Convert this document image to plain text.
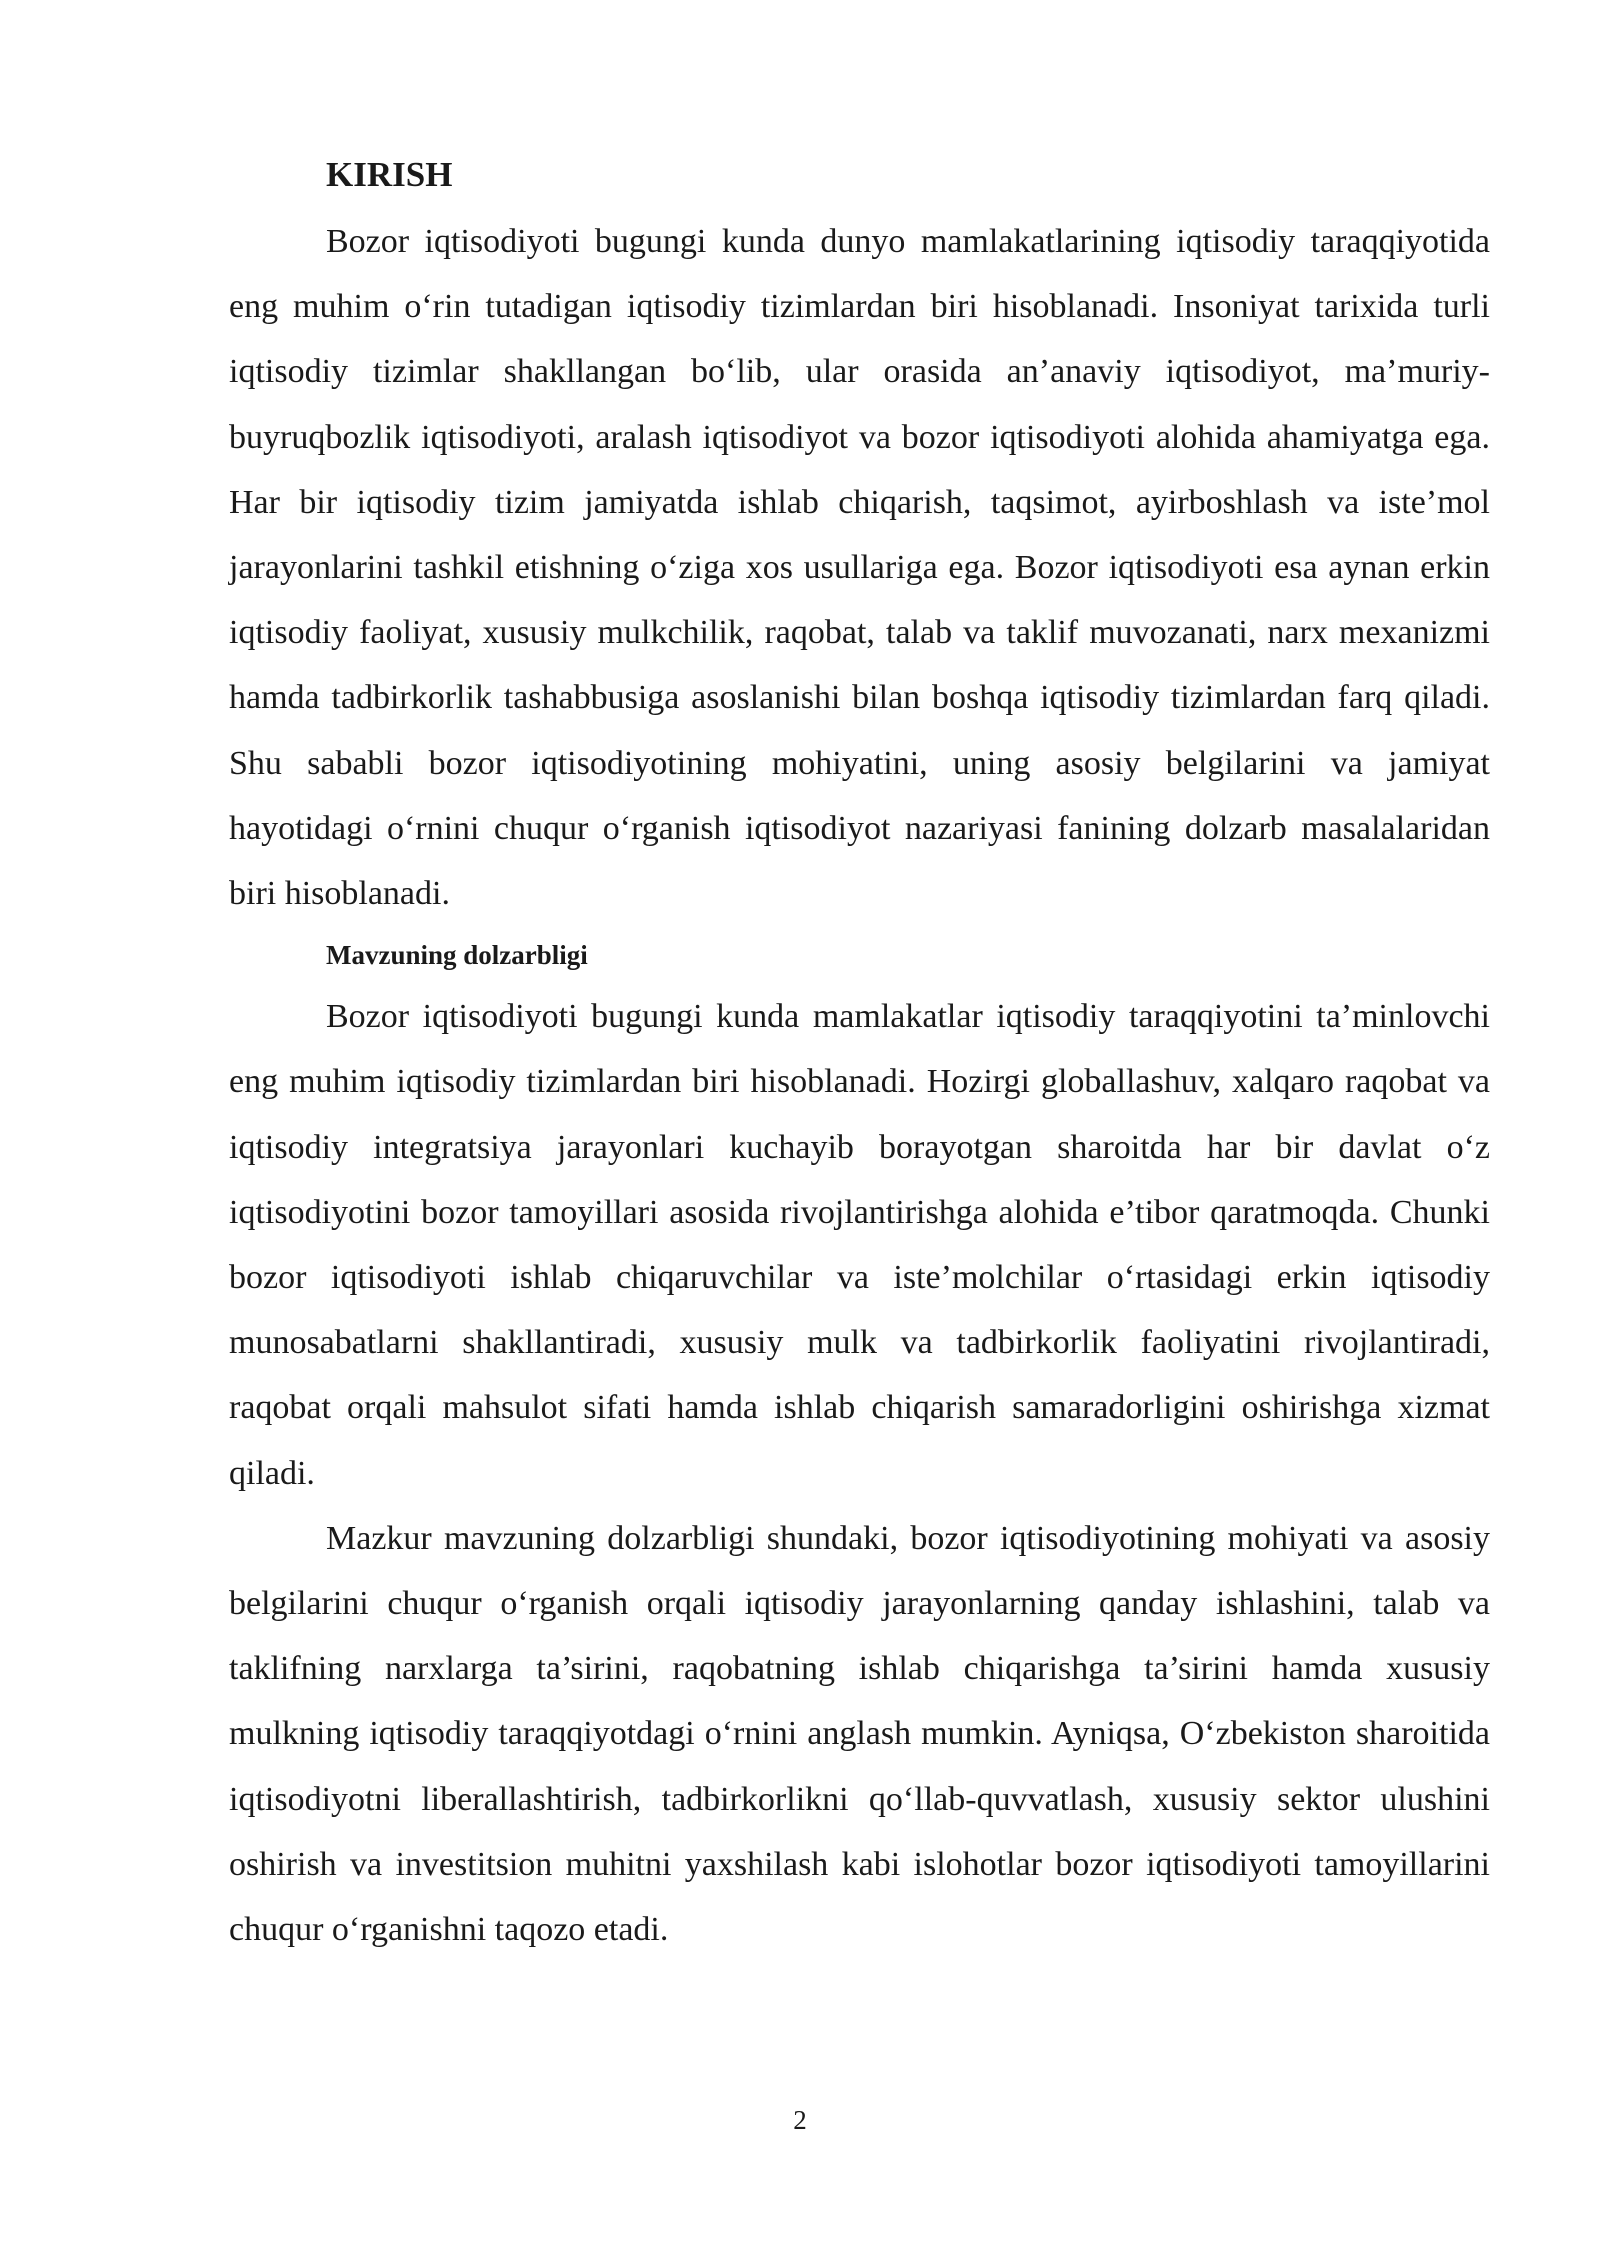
KIRISH

Bozor iqtisodiyoti bugungi kunda dunyo mamlakatlarining iqtisodiy taraqqiyotida eng muhim o‘rin tutadigan iqtisodiy tizimlardan biri hisoblanadi. Insoniyat tarixida turli iqtisodiy tizimlar shakllangan bo‘lib, ular orasida an’anaviy iqtisodiyot, ma’muriy-buyruqbozlik iqtisodiyoti, aralash iqtisodiyot va bozor iqtisodiyoti alohida ahamiyatga ega. Har bir iqtisodiy tizim jamiyatda ishlab chiqarish, taqsimot, ayirboshlash va iste’mol jarayonlarini tashkil etishning o‘ziga xos usullariga ega. Bozor iqtisodiyoti esa aynan erkin iqtisodiy faoliyat, xususiy mulkchilik, raqobat, talab va taklif muvozanati, narx mexanizmi hamda tadbirkorlik tashabbusiga asoslanishi bilan boshqa iqtisodiy tizimlardan farq qiladi. Shu sababli bozor iqtisodiyotining mohiyatini, uning asosiy belgilarini va jamiyat hayotidagi o‘rnini chuqur o‘rganish iqtisodiyot nazariyasi fanining dolzarb masalalaridan biri hisoblanadi.

Mavzuning dolzarbligi

Bozor iqtisodiyoti bugungi kunda mamlakatlar iqtisodiy taraqqiyotini ta’minlovchi eng muhim iqtisodiy tizimlardan biri hisoblanadi. Hozirgi globallashuv, xalqaro raqobat va iqtisodiy integratsiya jarayonlari kuchayib borayotgan sharoitda har bir davlat o‘z iqtisodiyotini bozor tamoyillari asosida rivojlantirishga alohida e’tibor qaratmoqda. Chunki bozor iqtisodiyoti ishlab chiqaruvchilar va iste’molchilar o‘rtasidagi erkin iqtisodiy munosabatlarni shakllantiradi, xususiy mulk va tadbirkorlik faoliyatini rivojlantiradi, raqobat orqali mahsulot sifati hamda ishlab chiqarish samaradorligini oshirishga xizmat qiladi.

Mazkur mavzuning dolzarbligi shundaki, bozor iqtisodiyotining mohiyati va asosiy belgilarini chuqur o‘rganish orqali iqtisodiy jarayonlarning qanday ishlashini, talab va taklifning narxlarga ta’sirini, raqobatning ishlab chiqarishga ta’sirini hamda xususiy mulkning iqtisodiy taraqqiyotdagi o‘rnini anglash mumkin. Ayniqsa, O‘zbekiston sharoitida iqtisodiyotni liberallashtirish, tadbirkorlikni qo‘llab-quvvatlash, xususiy sektor ulushini oshirish va investitsion muhitni yaxshilash kabi islohotlar bozor iqtisodiyoti tamoyillarini chuqur o‘rganishni taqozo etadi.

2
